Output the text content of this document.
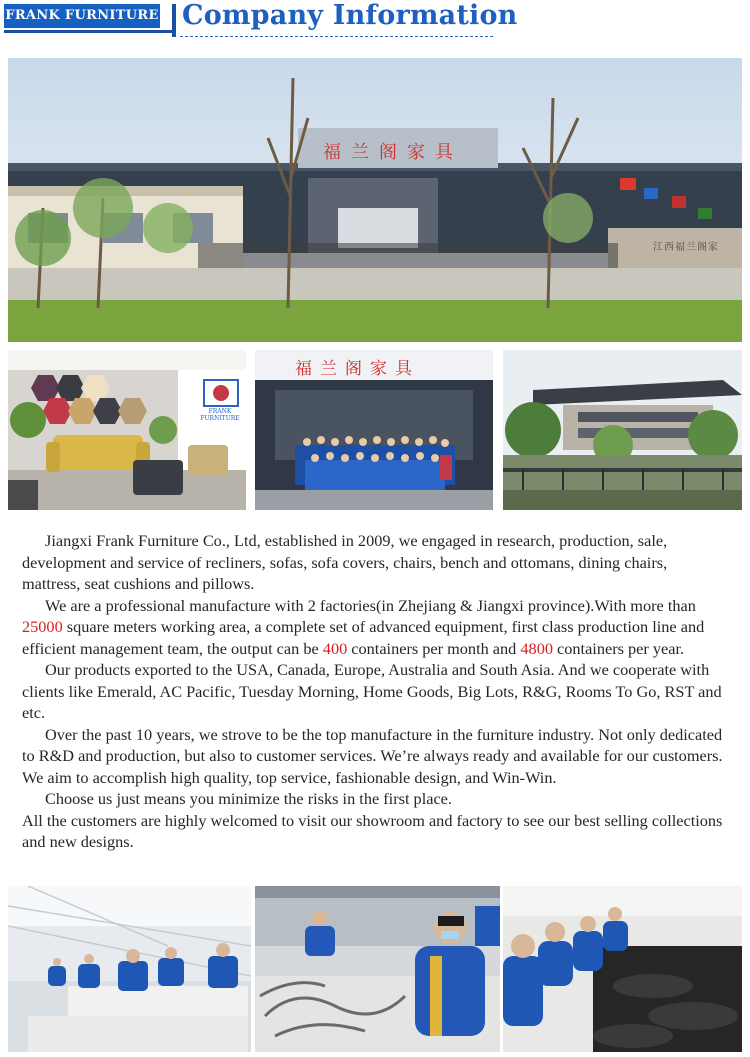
FRANK FURNITURE Company Information
福兰阁家具
江西福兰阁家
FRANK FURNITURE
福兰阁家具

Jiangxi Frank Furniture Co., Ltd, established in 2009, we engaged in research, production, sale, development and service of recliners, sofas, sofa covers, chairs, bench and ottomans, dining chairs, mattress, seat cushions and pillows.

We are a professional manufacture with 2 factories(in Zhejiang & Jiangxi province).With more than 25000 square meters working area, a complete set of advanced equipment, first class production line and efficient management team, the output can be 400 containers per month and 4800 containers per year.

Our products exported to the USA, Canada, Europe, Australia and South Asia. And we cooperate with clients like Emerald, AC Pacific, Tuesday Morning, Home Goods, Big Lots, R&G, Rooms To Go, RST and etc.

Over the past 10 years, we strove to be the top manufacture in the furniture industry. Not only dedicated to R&D and production, but also to customer services. We’re always ready and available for our customers. We aim to accomplish high quality, top service, fashionable design, and Win-Win.

Choose us just means you minimize the risks in the first place.

All the customers are highly welcomed to visit our showroom and factory to see our best selling collections and new designs.
